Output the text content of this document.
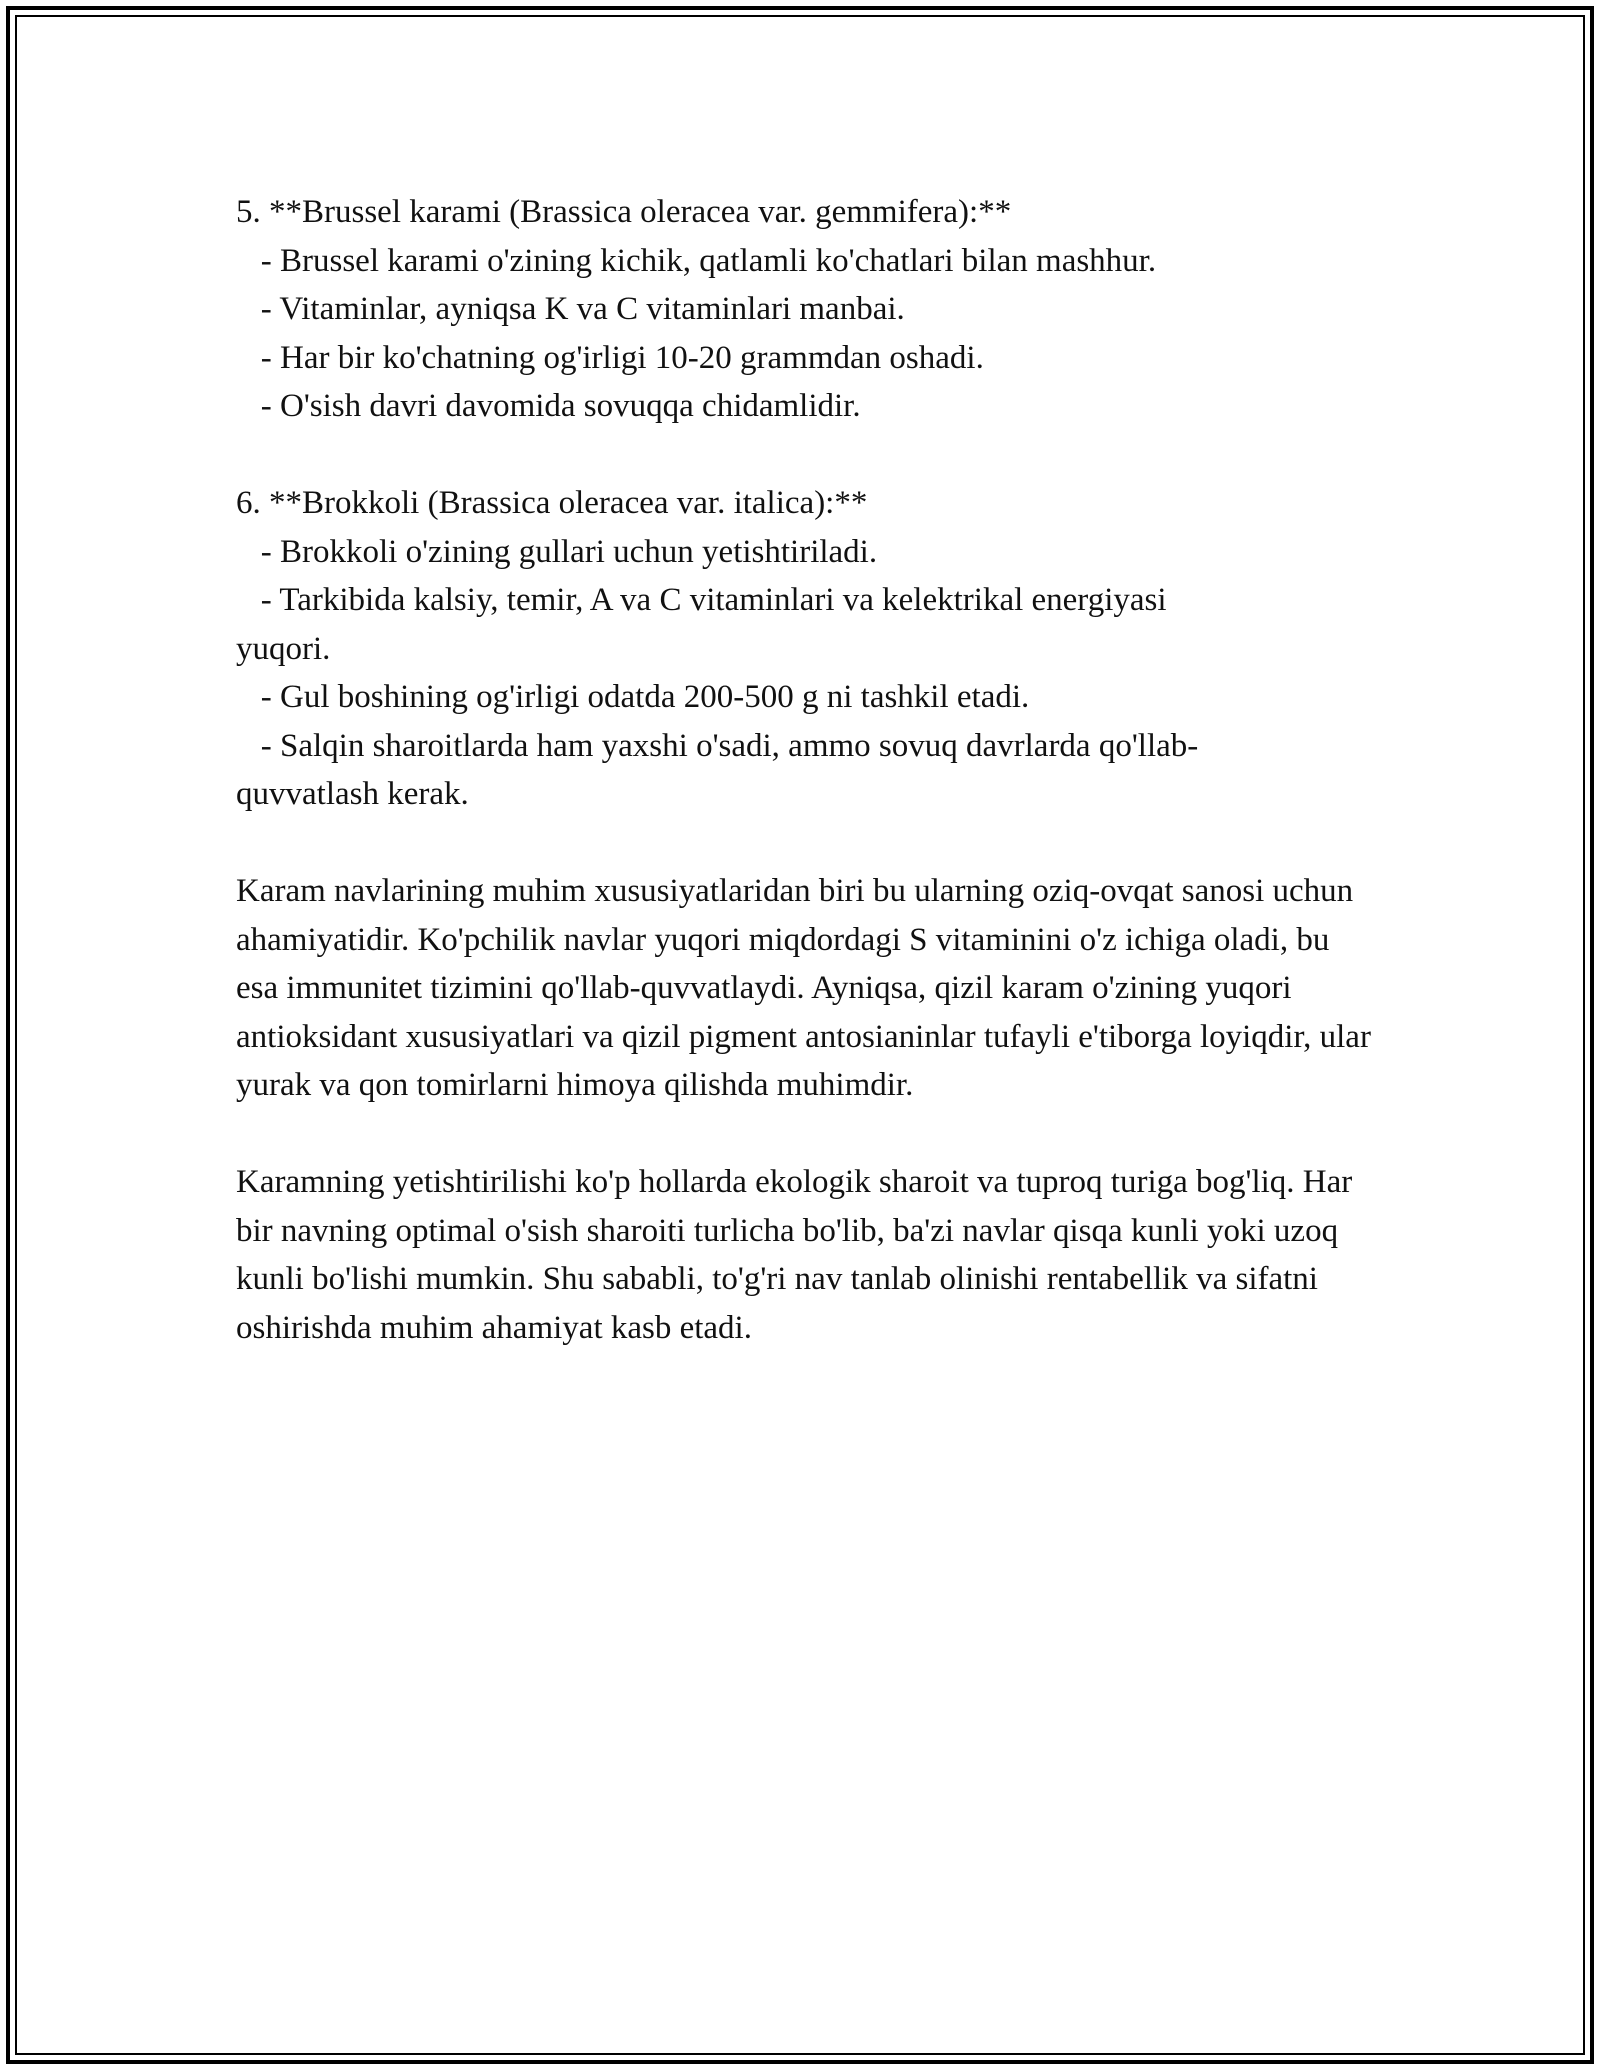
5. **Brussel karami (Brassica oleracea var. gemmifera):**

- Brussel karami o'zining kichik, qatlamli ko'chatlari bilan mashhur.

- Vitaminlar, ayniqsa K va C vitaminlari manbai.

- Har bir ko'chatning og'irligi 10-20 grammdan oshadi.

- O'sish davri davomida sovuqqa chidamlidir.

6. **Brokkoli (Brassica oleracea var. italica):**

- Brokkoli o'zining gullari uchun yetishtiriladi.

- Tarkibida kalsiy, temir, A va C vitaminlari va kelektrikal energiyasi

yuqori.

- Gul boshining og'irligi odatda 200-500 g ni tashkil etadi.

- Salqin sharoitlarda ham yaxshi o'sadi, ammo sovuq davrlarda qo'llab-

quvvatlash kerak.

Karam navlarining muhim xususiyatlaridan biri bu ularning oziq-ovqat sanosi uchun ahamiyatidir. Ko'pchilik navlar yuqori miqdordagi S vitaminini o'z ichiga oladi, bu esa immunitet tizimini qo'llab-quvvatlaydi. Ayniqsa, qizil karam o'zining yuqori antioksidant xususiyatlari va qizil pigment antosianinlar tufayli e'tiborga loyiqdir, ular yurak va qon tomirlarni himoya qilishda muhimdir.

Karamning yetishtirilishi ko'p hollarda ekologik sharoit va tuproq turiga bog'liq. Har bir navning optimal o'sish sharoiti turlicha bo'lib, ba'zi navlar qisqa kunli yoki uzoq kunli bo'lishi mumkin. Shu sababli, to'g'ri nav tanlab olinishi rentabellik va sifatni oshirishda muhim ahamiyat kasb etadi.
